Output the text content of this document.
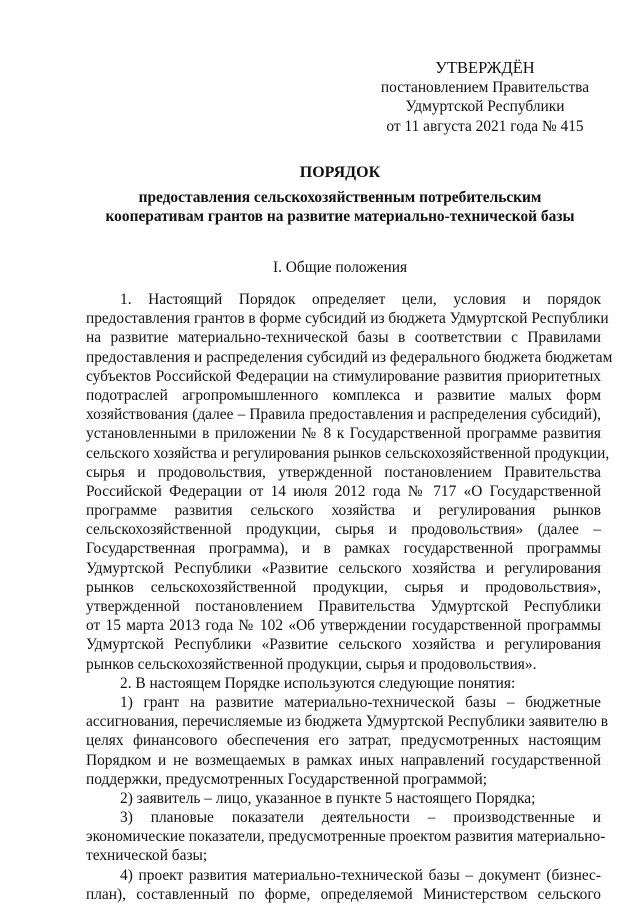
УТВЕРЖДЁН
постановлением Правительства
Удмуртской Республики
от 11 августа 2021 года № 415
ПОРЯДОК
предоставления сельскохозяйственным потребительским
кооперативам грантов на развитие материально-технической базы
I. Общие положения
1. Настоящий Порядок определяет цели, условия и порядок
предоставления грантов в форме субсидий из бюджета Удмуртской Республики
на развитие материально-технической базы в соответствии с Правилами
предоставления и распределения субсидий из федерального бюджета бюджетам
субъектов Российской Федерации на стимулирование развития приоритетных
подотраслей агропромышленного комплекса и развитие малых форм
хозяйствования (далее – Правила предоставления и распределения субсидий),
установленными в приложении № 8 к Государственной программе развития
сельского хозяйства и регулирования рынков сельскохозяйственной продукции,
сырья и продовольствия, утвержденной постановлением Правительства
Российской Федерации от 14 июля 2012 года № 717 «О Государственной
программе развития сельского хозяйства и регулирования рынков
сельскохозяйственной продукции, сырья и продовольствия» (далее –
Государственная программа), и в рамках государственной программы
Удмуртской Республики «Развитие сельского хозяйства и регулирования
рынков сельскохозяйственной продукции, сырья и продовольствия»,
утвержденной постановлением Правительства Удмуртской Республики
от 15 марта 2013 года № 102 «Об утверждении государственной программы
Удмуртской Республики «Развитие сельского хозяйства и регулирования
рынков сельскохозяйственной продукции, сырья и продовольствия».
2. В настоящем Порядке используются следующие понятия:
1) грант на развитие материально-технической базы – бюджетные
ассигнования, перечисляемые из бюджета Удмуртской Республики заявителю в
целях финансового обеспечения его затрат, предусмотренных настоящим
Порядком и не возмещаемых в рамках иных направлений государственной
поддержки, предусмотренных Государственной программой;
2) заявитель – лицо, указанное в пункте 5 настоящего Порядка;
3) плановые показатели деятельности – производственные и
экономические показатели, предусмотренные проектом развития материально-
технической базы;
4) проект развития материально-технической базы – документ (бизнес-
план), составленный по форме, определяемой Министерством сельского
